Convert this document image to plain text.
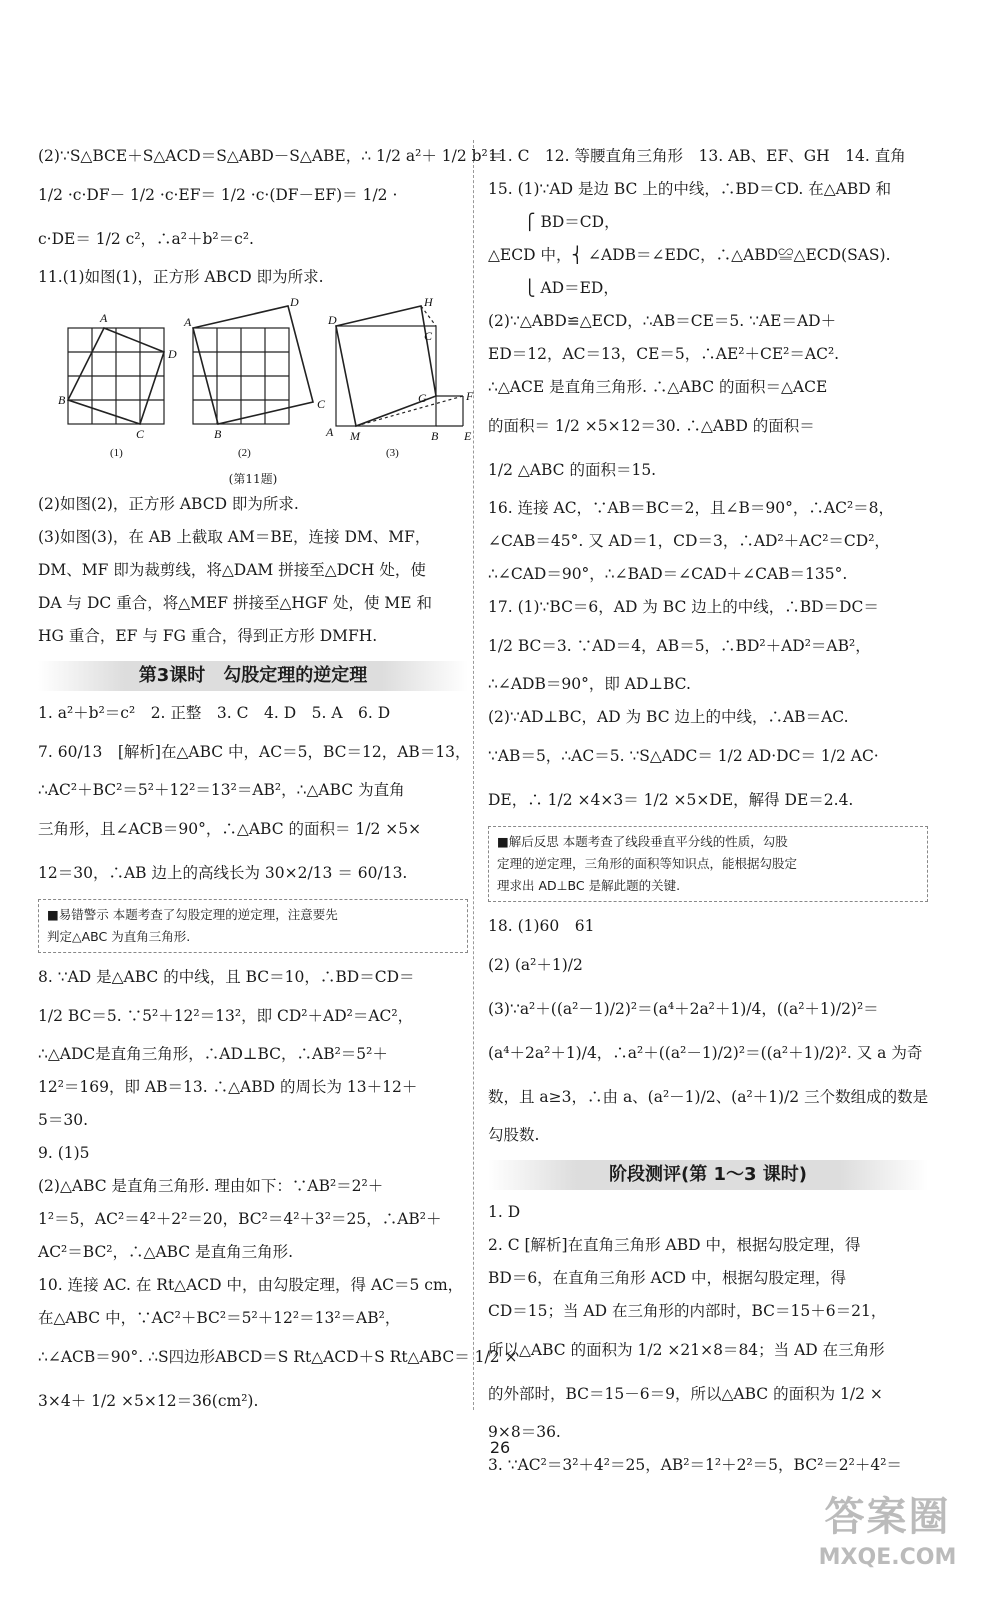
(2)∵S△BCE＋S△ACD＝S△ABD－S△ABE，∴ 1/2 a²＋ 1/2 b²＝
1/2 ·c·DF－ 1/2 ·c·EF＝ 1/2 ·c·(DF－EF)＝ 1/2 ·
c·DE＝ 1/2 c²，∴a²＋b²＝c².
11.(1)如图(1)，正方形 ABCD 即为所求.
A
D
B
C
A
D
C
B
D
H
C
G	F
A M	B E
(1)	(2)	(3)
(第11题)
(2)如图(2)，正方形 ABCD 即为所求.
(3)如图(3)，在 AB 上截取 AM＝BE，连接 DM、MF，
DM、MF 即为裁剪线，将△DAM 拼接至△DCH 处，使
DA 与 DC 重合，将△MEF 拼接至△HGF 处，使 ME 和
HG 重合，EF 与 FG 重合，得到正方形 DMFH.
第3课时　勾股定理的逆定理
1. a²＋b²＝c²　2. 正整　3. C　4. D　5. A　6. D
7. 60/13　[解析]在△ABC 中，AC＝5，BC＝12，AB＝13，
∴AC²＋BC²＝5²＋12²＝13²＝AB²，∴△ABC 为直角
三角形，且∠ACB＝90°，∴△ABC 的面积＝ 1/2 ×5×
12＝30，∴AB 边上的高线长为 30×2/13 ＝ 60/13.
■易错警示 本题考查了勾股定理的逆定理，注意要先
判定△ABC 为直角三角形.
8. ∵AD 是△ABC 的中线，且 BC＝10，∴BD＝CD＝
1/2 BC＝5. ∵5²＋12²＝13²，即 CD²＋AD²＝AC²，
∴△ADC是直角三角形，∴AD⊥BC，∴AB²＝5²＋
12²＝169，即 AB＝13. ∴△ABD 的周长为 13＋12＋
5＝30.
9. (1)5
(2)△ABC 是直角三角形. 理由如下：∵AB²＝2²＋
1²＝5，AC²＝4²＋2²＝20，BC²＝4²＋3²＝25，∴AB²＋
AC²＝BC²，∴△ABC 是直角三角形.
10. 连接 AC. 在 Rt△ACD 中，由勾股定理，得 AC＝5 cm，
在△ABC 中，∵AC²＋BC²＝5²＋12²＝13²＝AB²，
∴∠ACB＝90°. ∴S四边形ABCD＝S Rt△ACD＋S Rt△ABC＝ 1/2 ×
3×4＋ 1/2 ×5×12＝36(cm²).
11. C　12. 等腰直角三角形　13. AB、EF、GH　14. 直角
15. (1)∵AD 是边 BC 上的中线，∴BD＝CD. 在△ABD 和
　　 ⎧ BD＝CD，
△ECD 中，⎨ ∠ADB＝∠EDC，∴△ABD≌△ECD(SAS).
　　 ⎩ AD＝ED，
(2)∵△ABD≌△ECD，∴AB＝CE＝5. ∵AE＝AD＋
ED＝12，AC＝13，CE＝5，∴AE²＋CE²＝AC².
∴△ACE 是直角三角形. ∴△ABC 的面积＝△ACE
的面积＝ 1/2 ×5×12＝30. ∴△ABD 的面积＝
1/2 △ABC 的面积＝15.
16. 连接 AC，∵AB＝BC＝2，且∠B＝90°，∴AC²＝8，
∠CAB＝45°. 又 AD＝1，CD＝3，∴AD²＋AC²＝CD²，
∴∠CAD＝90°，∴∠BAD＝∠CAD＋∠CAB＝135°.
17. (1)∵BC＝6，AD 为 BC 边上的中线，∴BD＝DC＝
1/2 BC＝3. ∵AD＝4，AB＝5，∴BD²＋AD²＝AB²，
∴∠ADB＝90°，即 AD⊥BC.
(2)∵AD⊥BC，AD 为 BC 边上的中线，∴AB＝AC.
∵AB＝5，∴AC＝5. ∵S△ADC＝ 1/2 AD·DC＝ 1/2 AC·
DE，∴ 1/2 ×4×3＝ 1/2 ×5×DE，解得 DE＝2.4.
■解后反思 本题考查了线段垂直平分线的性质，勾股
定理的逆定理，三角形的面积等知识点，能根据勾股定
理求出 AD⊥BC 是解此题的关键.
18. (1)60　61
(2) (a²＋1)/2
(3)∵a²＋((a²－1)/2)²＝(a⁴＋2a²＋1)/4，((a²＋1)/2)²＝
(a⁴＋2a²＋1)/4，∴a²＋((a²－1)/2)²＝((a²＋1)/2)². 又 a 为奇
数，且 a≥3，∴由 a、(a²－1)/2、(a²＋1)/2 三个数组成的数是
勾股数.
阶段测评(第 1～3 课时)
1. D
2. C [解析]在直角三角形 ABD 中，根据勾股定理，得
BD＝6，在直角三角形 ACD 中，根据勾股定理，得
CD＝15；当 AD 在三角形的内部时，BC＝15＋6＝21，
所以△ABC 的面积为 1/2 ×21×8＝84；当 AD 在三角形
的外部时，BC＝15－6＝9，所以△ABC 的面积为 1/2 ×
9×8＝36.
3. ∵AC²＝3²＋4²＝25，AB²＝1²＋2²＝5，BC²＝2²＋4²＝
26
答案圈
MXQE.COM
